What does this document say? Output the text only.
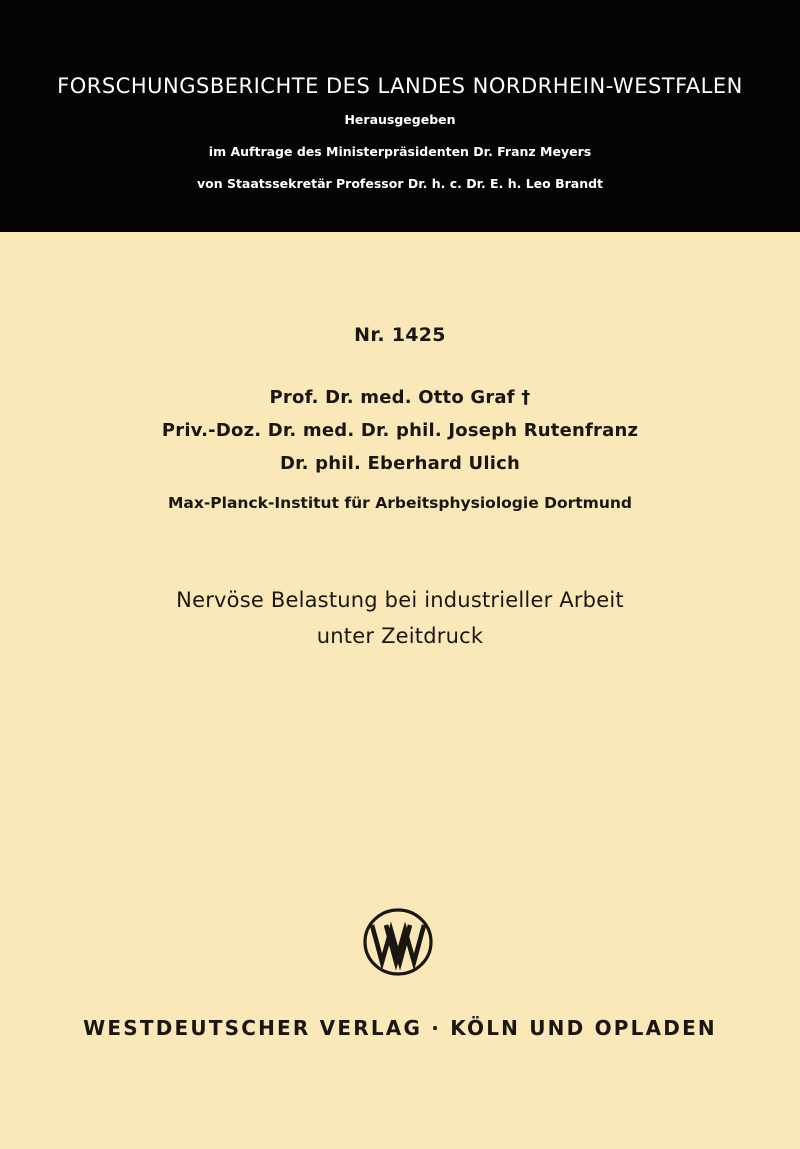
FORSCHUNGSBERICHTE DES LANDES NORDRHEIN-WESTFALEN
Herausgegeben
im Auftrage des Ministerpräsidenten Dr. Franz Meyers
von Staatssekretär Professor Dr. h. c. Dr. E. h. Leo Brandt
Nr. 1425
Prof. Dr. med. Otto Graf †
Priv.-Doz. Dr. med. Dr. phil. Joseph Rutenfranz
Dr. phil. Eberhard Ulich
Max-Planck-Institut für Arbeitsphysiologie Dortmund
Nervöse Belastung bei industrieller Arbeit
unter Zeitdruck
WESTDEUTSCHER VERLAG · KÖLN UND OPLADEN
